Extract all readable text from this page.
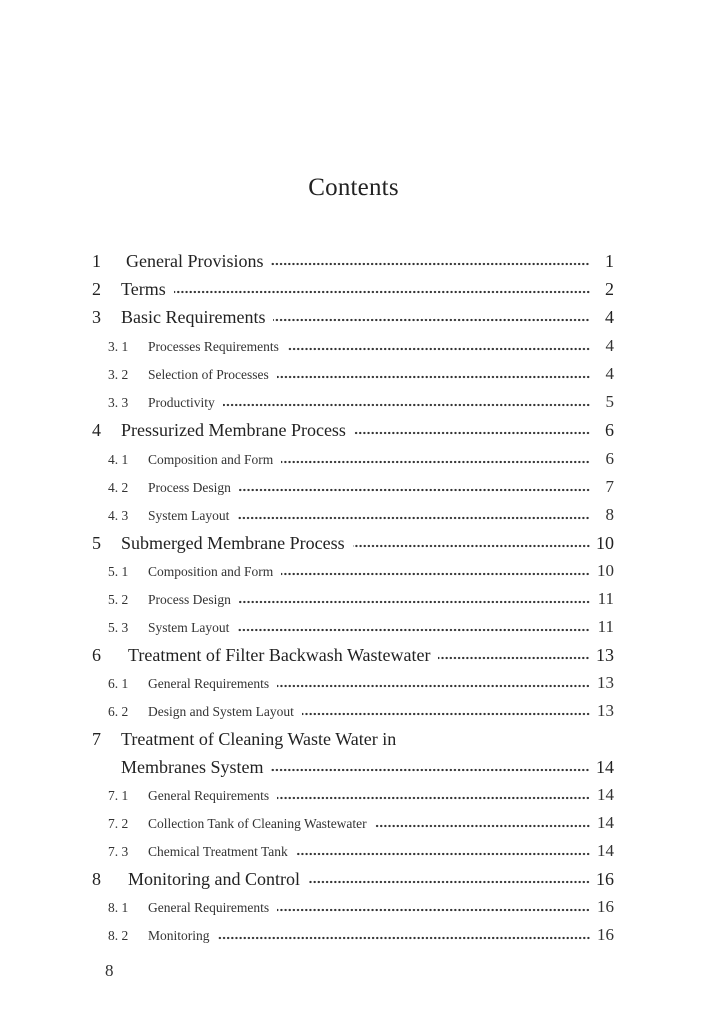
Contents
1 General Provisions	1
2 Terms	2
3 Basic Requirements	4
3. 1 Processes Requirements	4
3. 2 Selection of Processes	4
3. 3 Productivity	5
4 Pressurized Membrane Process	6
4. 1 Composition and Form	6
4. 2 Process Design	7
4. 3 System Layout	8
5 Submerged Membrane Process	10
5. 1 Composition and Form	10
5. 2 Process Design	11
5. 3 System Layout	11
6 Treatment of Filter Backwash Wastewater	13
6. 1 General Requirements	13
6. 2 Design and System Layout	13
7 Treatment of Cleaning Waste Water in
Membranes System	14
7. 1 General Requirements	14
7. 2 Collection Tank of Cleaning Wastewater	14
7. 3 Chemical Treatment Tank	14
8 Monitoring and Control	16
8. 1 General Requirements	16
8. 2 Monitoring	16
8
